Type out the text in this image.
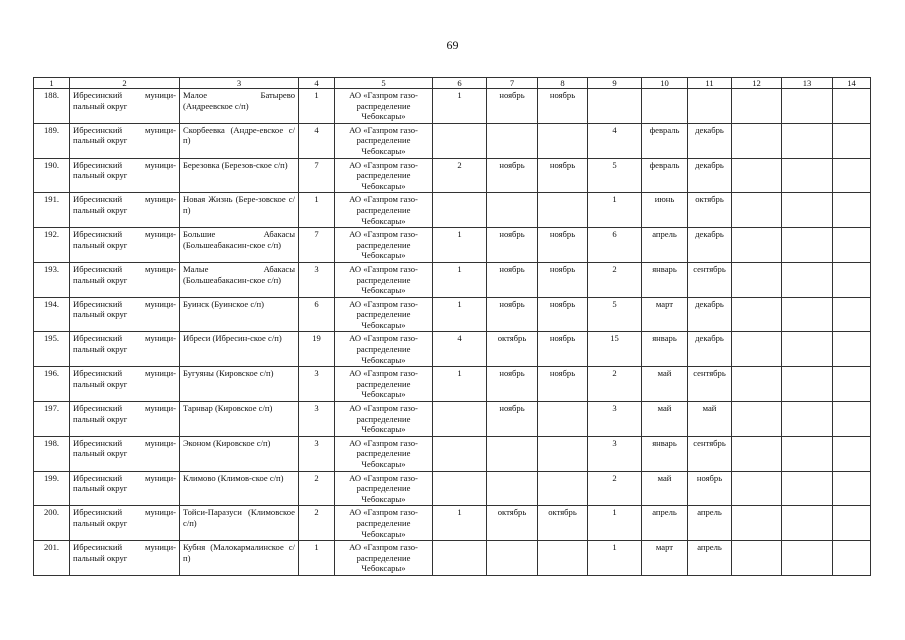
69
1	2	3	4	5	6	7	8	9	10	11	12	13	14
188.	Ибресинский муници-пальный округ	Малое Батырево (Андреевское с/п)	1	АО «Газпром газо-распределение Чебоксары»	1	ноябрь	ноябрь						
189.	Ибресинский муници-пальный округ	Скорбеевка (Андре-евское с/п)	4	АО «Газпром газо-распределение Чебоксары»				4	февраль	декабрь			
190.	Ибресинский муници-пальный округ	Березовка (Березов-ское с/п)	7	АО «Газпром газо-распределение Чебоксары»	2	ноябрь	ноябрь	5	февраль	декабрь			
191.	Ибресинский муници-пальный округ	Новая Жизнь (Бере-зовское с/п)	1	АО «Газпром газо-распределение Чебоксары»				1	июнь	октябрь			
192.	Ибресинский муници-пальный округ	Большие Абакасы (Большеабакасин-ское с/п)	7	АО «Газпром газо-распределение Чебоксары»	1	ноябрь	ноябрь	6	апрель	декабрь			
193.	Ибресинский муници-пальный округ	Малые Абакасы (Большеабакасин-ское с/п)	3	АО «Газпром газо-распределение Чебоксары»	1	ноябрь	ноябрь	2	январь	сентябрь			
194.	Ибресинский муници-пальный округ	Буинск (Буинское с/п)	6	АО «Газпром газо-распределение Чебоксары»	1	ноябрь	ноябрь	5	март	декабрь			
195.	Ибресинский муници-пальный округ	Ибреси (Ибресин-ское с/п)	19	АО «Газпром газо-распределение Чебоксары»	4	октябрь	ноябрь	15	январь	декабрь			
196.	Ибресинский муници-пальный округ	Бугуяны (Кировское с/п)	3	АО «Газпром газо-распределение Чебоксары»	1	ноябрь	ноябрь	2	май	сентябрь			
197.	Ибресинский муници-пальный округ	Тарнвар (Кировское с/п)	3	АО «Газпром газо-распределение Чебоксары»		ноябрь		3	май	май			
198.	Ибресинский муници-пальный округ	Эконом (Кировское с/п)	3	АО «Газпром газо-распределение Чебоксары»				3	январь	сентябрь			
199.	Ибресинский муници-пальный округ	Климово (Климов-ское с/п)	2	АО «Газпром газо-распределение Чебоксары»				2	май	ноябрь			
200.	Ибресинский муници-пальный округ	Тойси-Паразуси (Климовское с/п)	2	АО «Газпром газо-распределение Чебоксары»	1	октябрь	октябрь	1	апрель	апрель			
201.	Ибресинский муници-пальный округ	Кубня (Малокармалинское с/п)	1	АО «Газпром газо-распределение Чебоксары»				1	март	апрель			
